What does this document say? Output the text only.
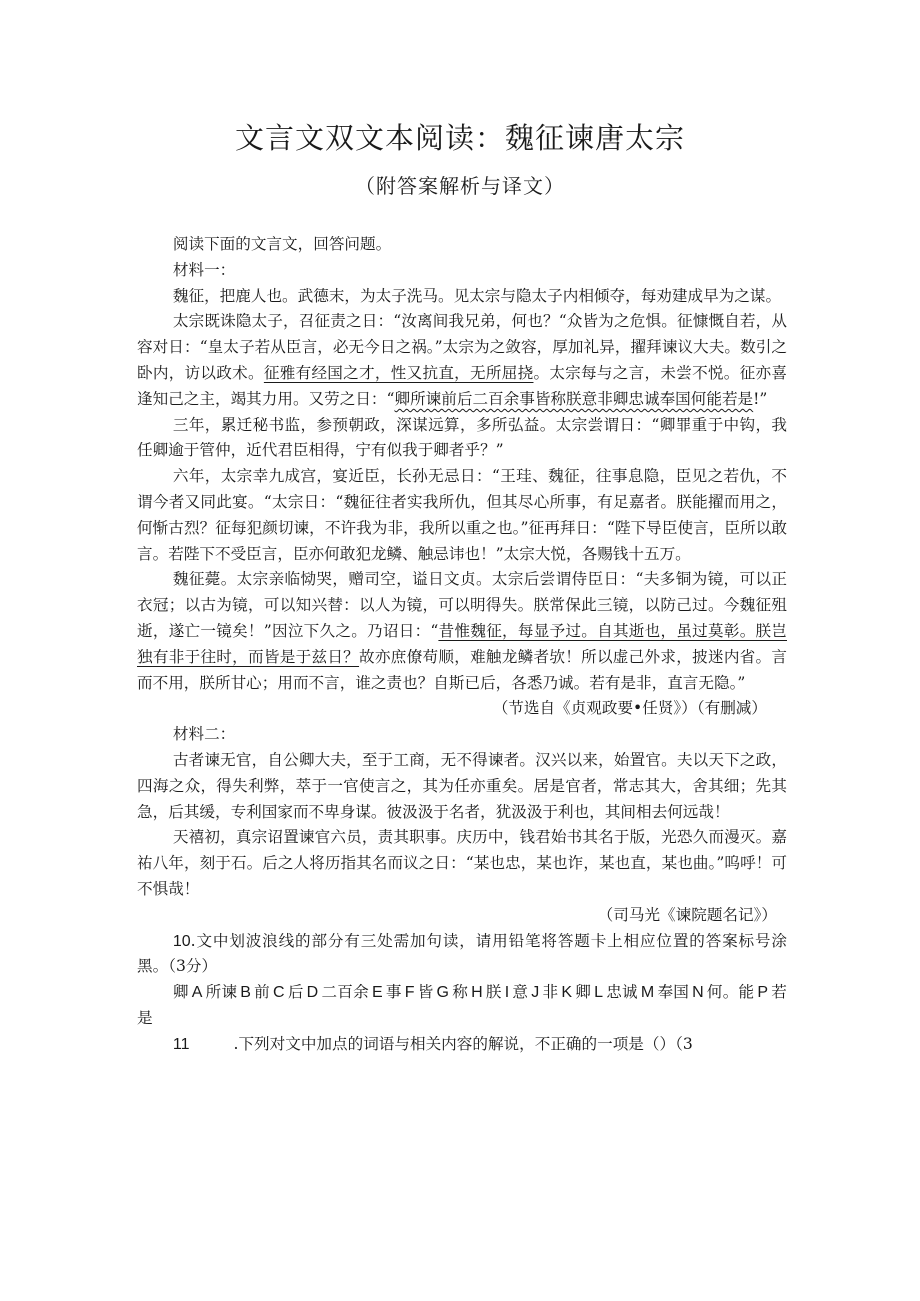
文言文双文本阅读：魏征谏唐太宗
（附答案解析与译文）

阅读下面的文言文，回答问题。

材料一：

魏征，把鹿人也。武德末，为太子洗马。见太宗与隐太子内相倾夺，每劝建成早为之谋。

太宗既诛隐太子，召征责之日：“汝离间我兄弟，何也？“众皆为之危惧。征慷慨自若，从容对日：“皇太子若从臣言，必无今日之祸。”太宗为之敛容，厚加礼异，擢拜谏议大夫。数引之卧内，访以政术。征雅有经国之才，性又抗直，无所屈挠。太宗每与之言，未尝不悦。征亦喜逢知己之主，竭其力用。又劳之日：“卿所谏前后二百余事皆称朕意非卿忠诚奉国何能若是!”

三年，累迁秘书监，参预朝政，深谋远算，多所弘益。太宗尝谓日：“卿罪重于中钩，我任卿逾于管仲，近代君臣相得，宁有似我于卿者乎？”

六年，太宗幸九成宫，宴近臣，长孙无忌日：“王珪、魏征，往事息隐，臣见之若仇，不谓今者又同此宴。“太宗日：“魏征往者实我所仇，但其尽心所事，有足嘉者。朕能擢而用之，何惭古烈？征每犯颜切谏，不许我为非，我所以重之也。”征再拜日：“陛下导臣使言，臣所以敢言。若陛下不受臣言，臣亦何敢犯龙鳞、触忌讳也！”太宗大悦，各赐钱十五万。

魏征薨。太宗亲临恸哭，赠司空，谥日文贞。太宗后尝谓侍臣日：“夫多铜为镜，可以正衣冠；以古为镜，可以知兴替：以人为镜，可以明得失。朕常保此三镜，以防己过。今魏征殂逝，遂亡一镜矣！”因泣下久之。乃诏日：“昔惟魏征，每显予过。自其逝也，虽过莫彰。朕岂独有非于往时，而皆是于兹日？故亦庶僚苟顺，难触龙鳞者欤！所以虚己外求，披迷内省。言而不用，朕所甘心；用而不言，谁之责也？自斯已后，各悉乃诚。若有是非，直言无隐。”

（节选自《贞观政要•任贤》）（有删减）

材料二：

古者谏无官，自公卿大夫，至于工商，无不得谏者。汉兴以来，始置官。夫以天下之政，四海之众，得失利弊，萃于一官使言之，其为任亦重矣。居是官者，常志其大，舍其细；先其急，后其缓，专利国家而不卑身谋。彼汲汲于名者，犹汲汲于利也，其间相去何远哉！

天禧初，真宗诏置谏官六员，责其职事。庆历中，钱君始书其名于版，光恐久而漫灭。嘉祐八年，刻于石。后之人将历指其名而议之日：“某也忠，某也诈，某也直，某也曲。”呜呼！可不惧哉！

（司马光《谏院题名记》）

10.文中划波浪线的部分有三处需加句读，请用铅笔将答题卡上相应位置的答案标号涂黑。（3分）

卿 A 所谏 B 前 C 后 D 二百余 E 事 F 皆 G 称 H 朕 I 意 J 非 K 卿 L 忠诚 M 奉国 N 何。能 P 若是

11	.下列对文中加点的词语与相关内容的解说，不正确的一项是（）（3
